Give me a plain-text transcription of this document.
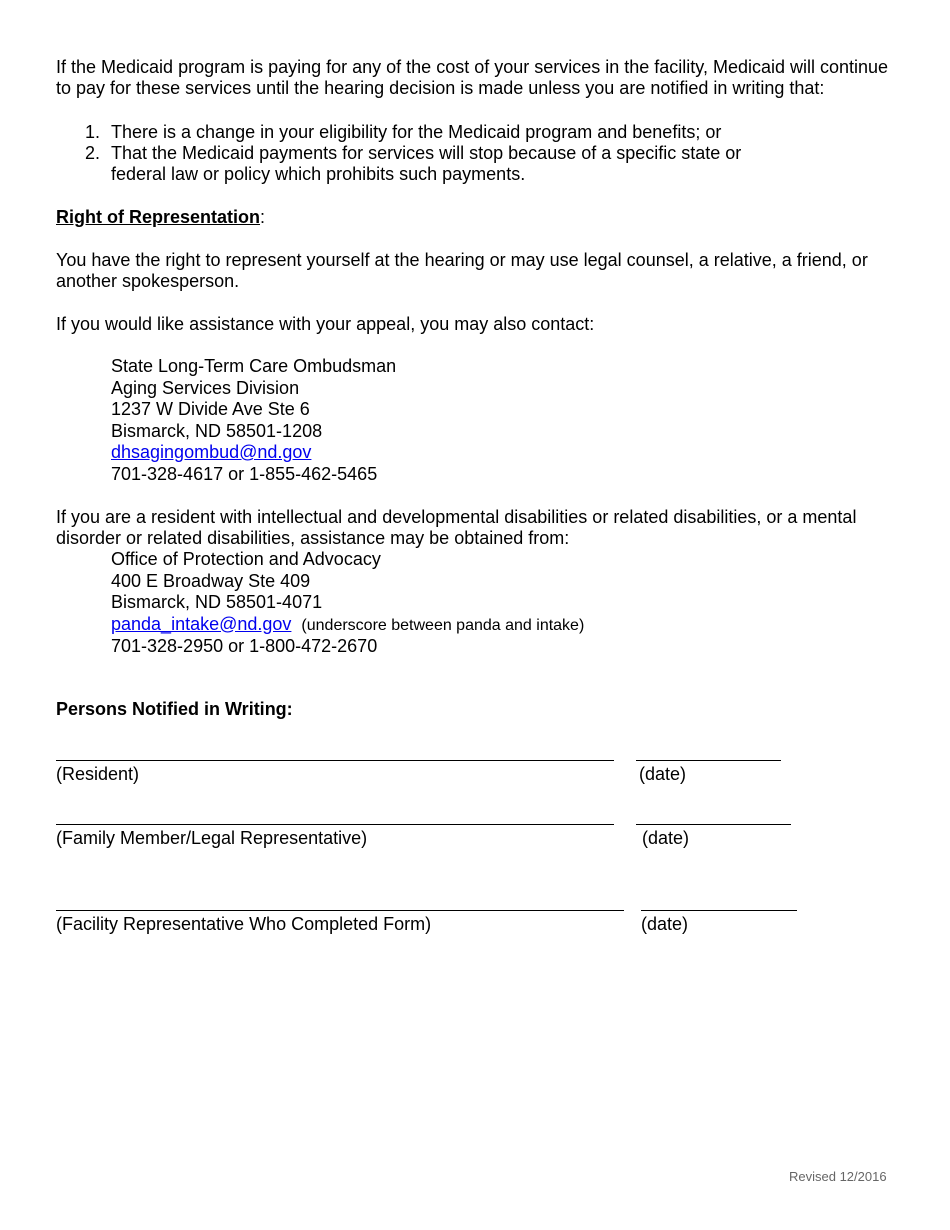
If the Medicaid program is paying for any of the cost of your services in the facility, Medicaid will continue to pay for these services until the hearing decision is made unless you are notified in writing that:

1. There is a change in your eligibility for the Medicaid program and benefits; or
2. That the Medicaid payments for services will stop because of a specific state or federal law or policy which prohibits such payments.

Right of Representation:

You have the right to represent yourself at the hearing or may use legal counsel, a relative, a friend, or another spokesperson.

If you would like assistance with your appeal, you may also contact:

State Long-Term Care Ombudsman
Aging Services Division
1237 W Divide Ave Ste 6
Bismarck, ND 58501-1208
dhsagingombud@nd.gov
701-328-4617 or 1-855-462-5465

If you are a resident with intellectual and developmental disabilities or related disabilities, or a mental disorder or related disabilities, assistance may be obtained from:

Office of Protection and Advocacy
400 E Broadway Ste 409
Bismarck, ND 58501-4071
panda_intake@nd.gov (underscore between panda and intake)
701-328-2950 or 1-800-472-2670

Persons Notified in Writing:

(Resident)	(date)
(Family Member/Legal Representative)	(date)
(Facility Representative Who Completed Form)	(date)
Revised 12/2016
